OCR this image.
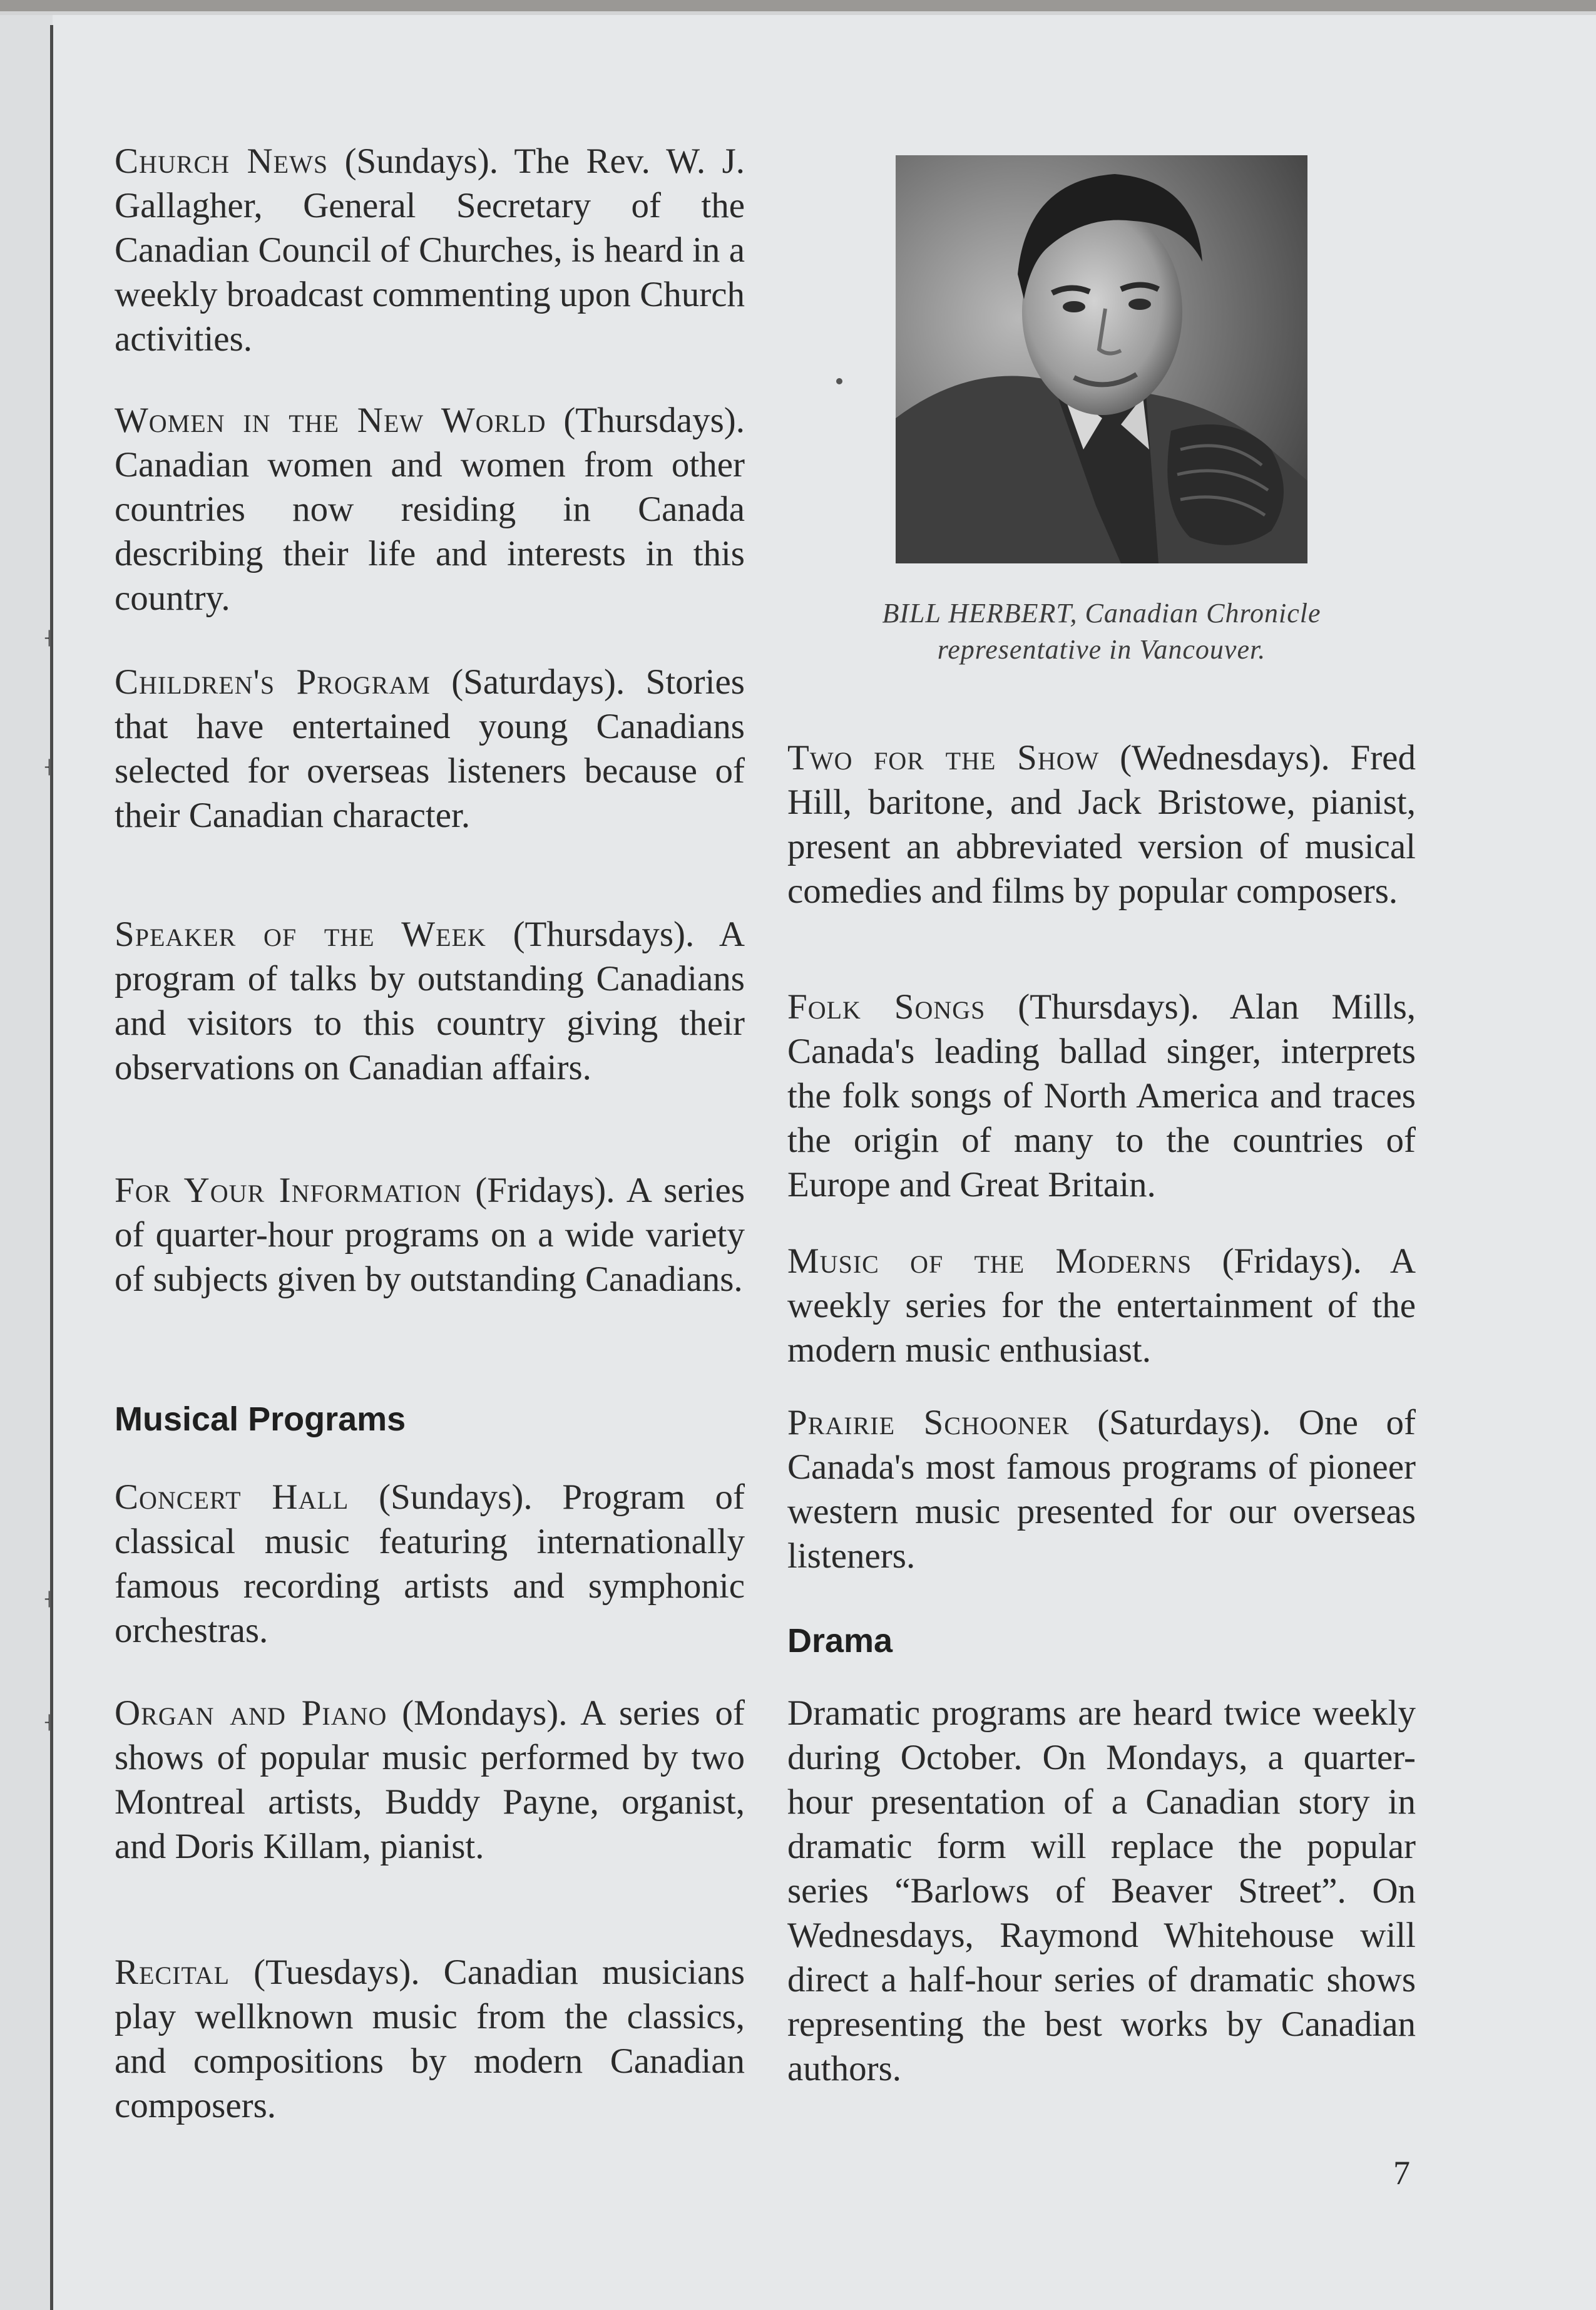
┤
┤
┤
┤

Church News (Sundays). The Rev. W. J. Gallagher, General Secretary of the Canadian Council of Churches, is heard in a weekly broadcast commenting upon Church activities.

Women in the New World (Thursdays). Canadian women and women from other countries now residing in Canada describing their life and interests in this country.

Children's Program (Saturdays). Stories that have entertained young Canadians selected for overseas listeners because of their Canadian character.

Speaker of the Week (Thursdays). A program of talks by outstanding Canadians and visitors to this country giving their observations on Canadian affairs.

For Your Information (Fridays). A series of quarter-hour programs on a wide variety of subjects given by outstanding Canadians.

Musical Programs

Concert Hall (Sundays). Program of classical music featuring internationally famous recording artists and symphonic orchestras.

Organ and Piano (Mondays). A series of shows of popular music performed by two Montreal artists, Buddy Payne, organist, and Doris Killam, pianist.

Recital (Tuesdays). Canadian musicians play wellknown music from the classics, and compositions by modern Canadian composers.

BILL HERBERT, Canadian Chronicle
representative in Vancouver.

Two for the Show (Wednesdays). Fred Hill, baritone, and Jack Bristowe, pianist, present an abbreviated version of musical comedies and films by popular composers.

Folk Songs (Thursdays). Alan Mills, Canada's leading ballad singer, interprets the folk songs of North America and traces the origin of many to the countries of Europe and Great Britain.

Music of the Moderns (Fridays). A weekly series for the entertainment of the modern music enthusiast.

Prairie Schooner (Saturdays). One of Canada's most famous programs of pioneer western music presented for our overseas listeners.

Drama

Dramatic programs are heard twice weekly during October. On Mondays, a quarter-hour presentation of a Canadian story in dramatic form will replace the popular series “Barlows of Beaver Street”. On Wednesdays, Raymond Whitehouse will direct a half-hour series of dramatic shows representing the best works by Canadian authors.

7
